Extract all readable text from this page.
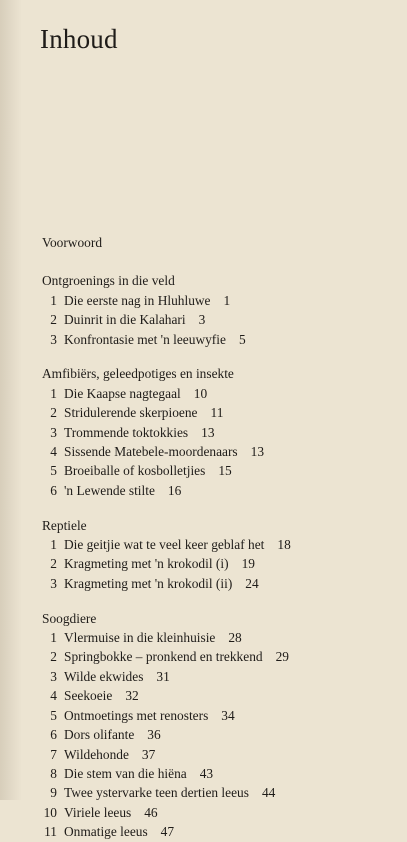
Inhoud
Voorwoord
Ontgroenings in die veld
1 Die eerste nag in Hluhluwe 1
2 Duinrit in die Kalahari 3
3 Konfrontasie met 'n leeuwyfie 5
Amfibiërs, geleedpotiges en insekte
1 Die Kaapse nagtegaal 10
2 Stridulerende skerpioene 11
3 Trommende toktokkies 13
4 Sissende Matebele-moordenaars 13
5 Broeiballe of kosbolletjies 15
6 'n Lewende stilte 16
Reptiele
1 Die geitjie wat te veel keer geblaf het 18
2 Kragmeting met 'n krokodil (i) 19
3 Kragmeting met 'n krokodil (ii) 24
Soogdiere
1 Vlermuise in die kleinhuisie 28
2 Springbokke – pronkend en trekkend 29
3 Wilde ekwides 31
4 Seekoeie 32
5 Ontmoetings met renosters 34
6 Dors olifante 36
7 Wildehonde 37
8 Die stem van die hiëna 43
9 Twee ystervarke teen dertien leeus 44
10 Viriele leeus 46
11 Onmatige leeus 47
